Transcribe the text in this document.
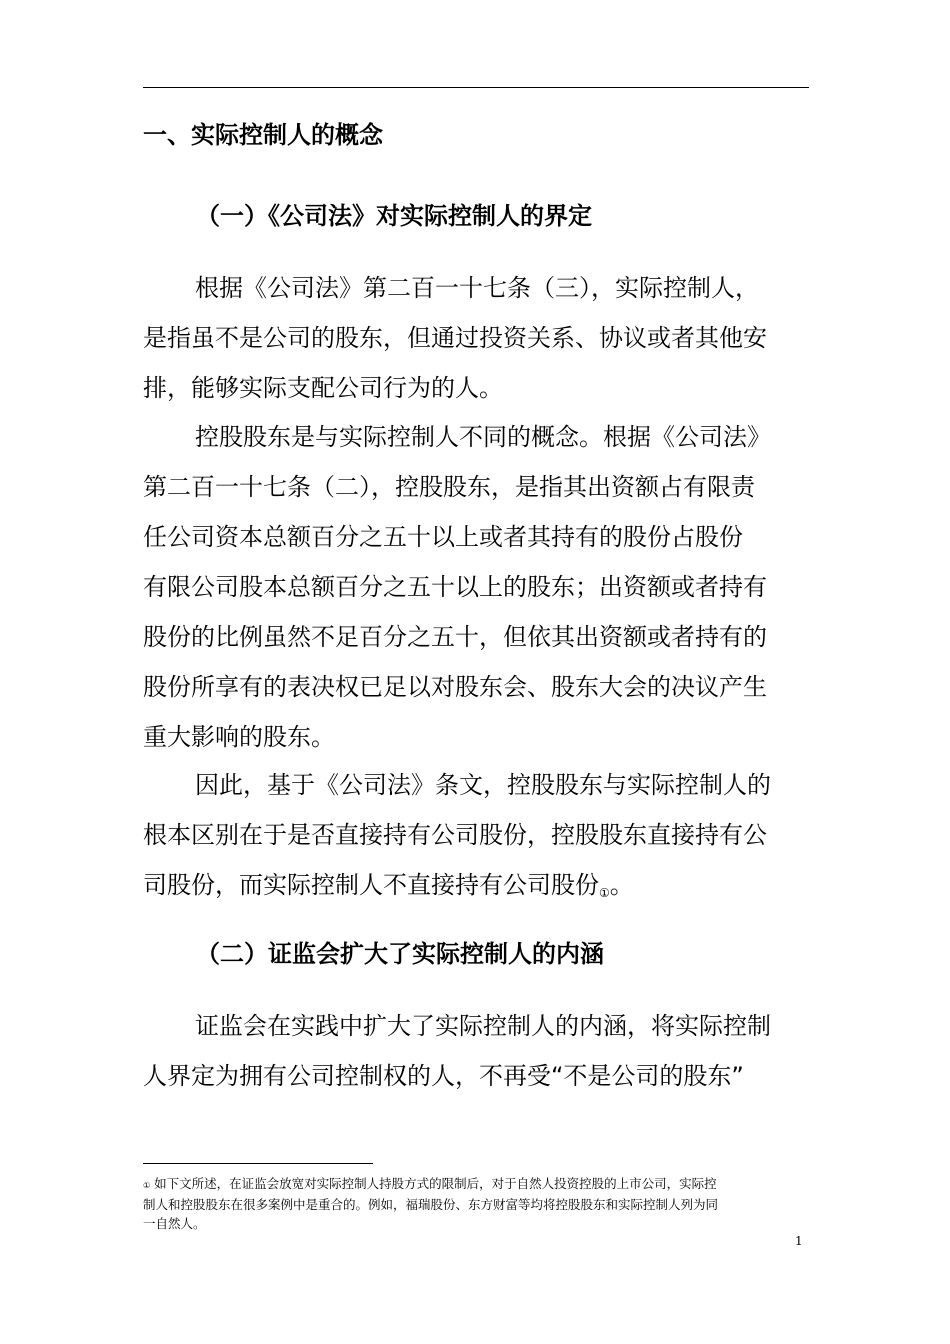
一、实际控制人的概念
（一）《公司法》对实际控制人的界定
根据《公司法》第二百一十七条（三），实际控制人，
是指虽不是公司的股东，但通过投资关系、协议或者其他安
排，能够实际支配公司行为的人。
控股股东是与实际控制人不同的概念。根据《公司法》
第二百一十七条（二），控股股东，是指其出资额占有限责
任公司资本总额百分之五十以上或者其持有的股份占股份
有限公司股本总额百分之五十以上的股东；出资额或者持有
股份的比例虽然不足百分之五十，但依其出资额或者持有的
股份所享有的表决权已足以对股东会、股东大会的决议产生
重大影响的股东。
因此，基于《公司法》条文，控股股东与实际控制人的
根本区别在于是否直接持有公司股份，控股股东直接持有公
司股份，而实际控制人不直接持有公司股份①。
（二）证监会扩大了实际控制人的内涵
证监会在实践中扩大了实际控制人的内涵，将实际控制
人界定为拥有公司控制权的人，不再受“不是公司的股东”
① 如下文所述，在证监会放宽对实际控制人持股方式的限制后，对于自然人投资控股的上市公司，实际控
制人和控股股东在很多案例中是重合的。例如，福瑞股份、东方财富等均将控股股东和实际控制人列为同
一自然人。
1
